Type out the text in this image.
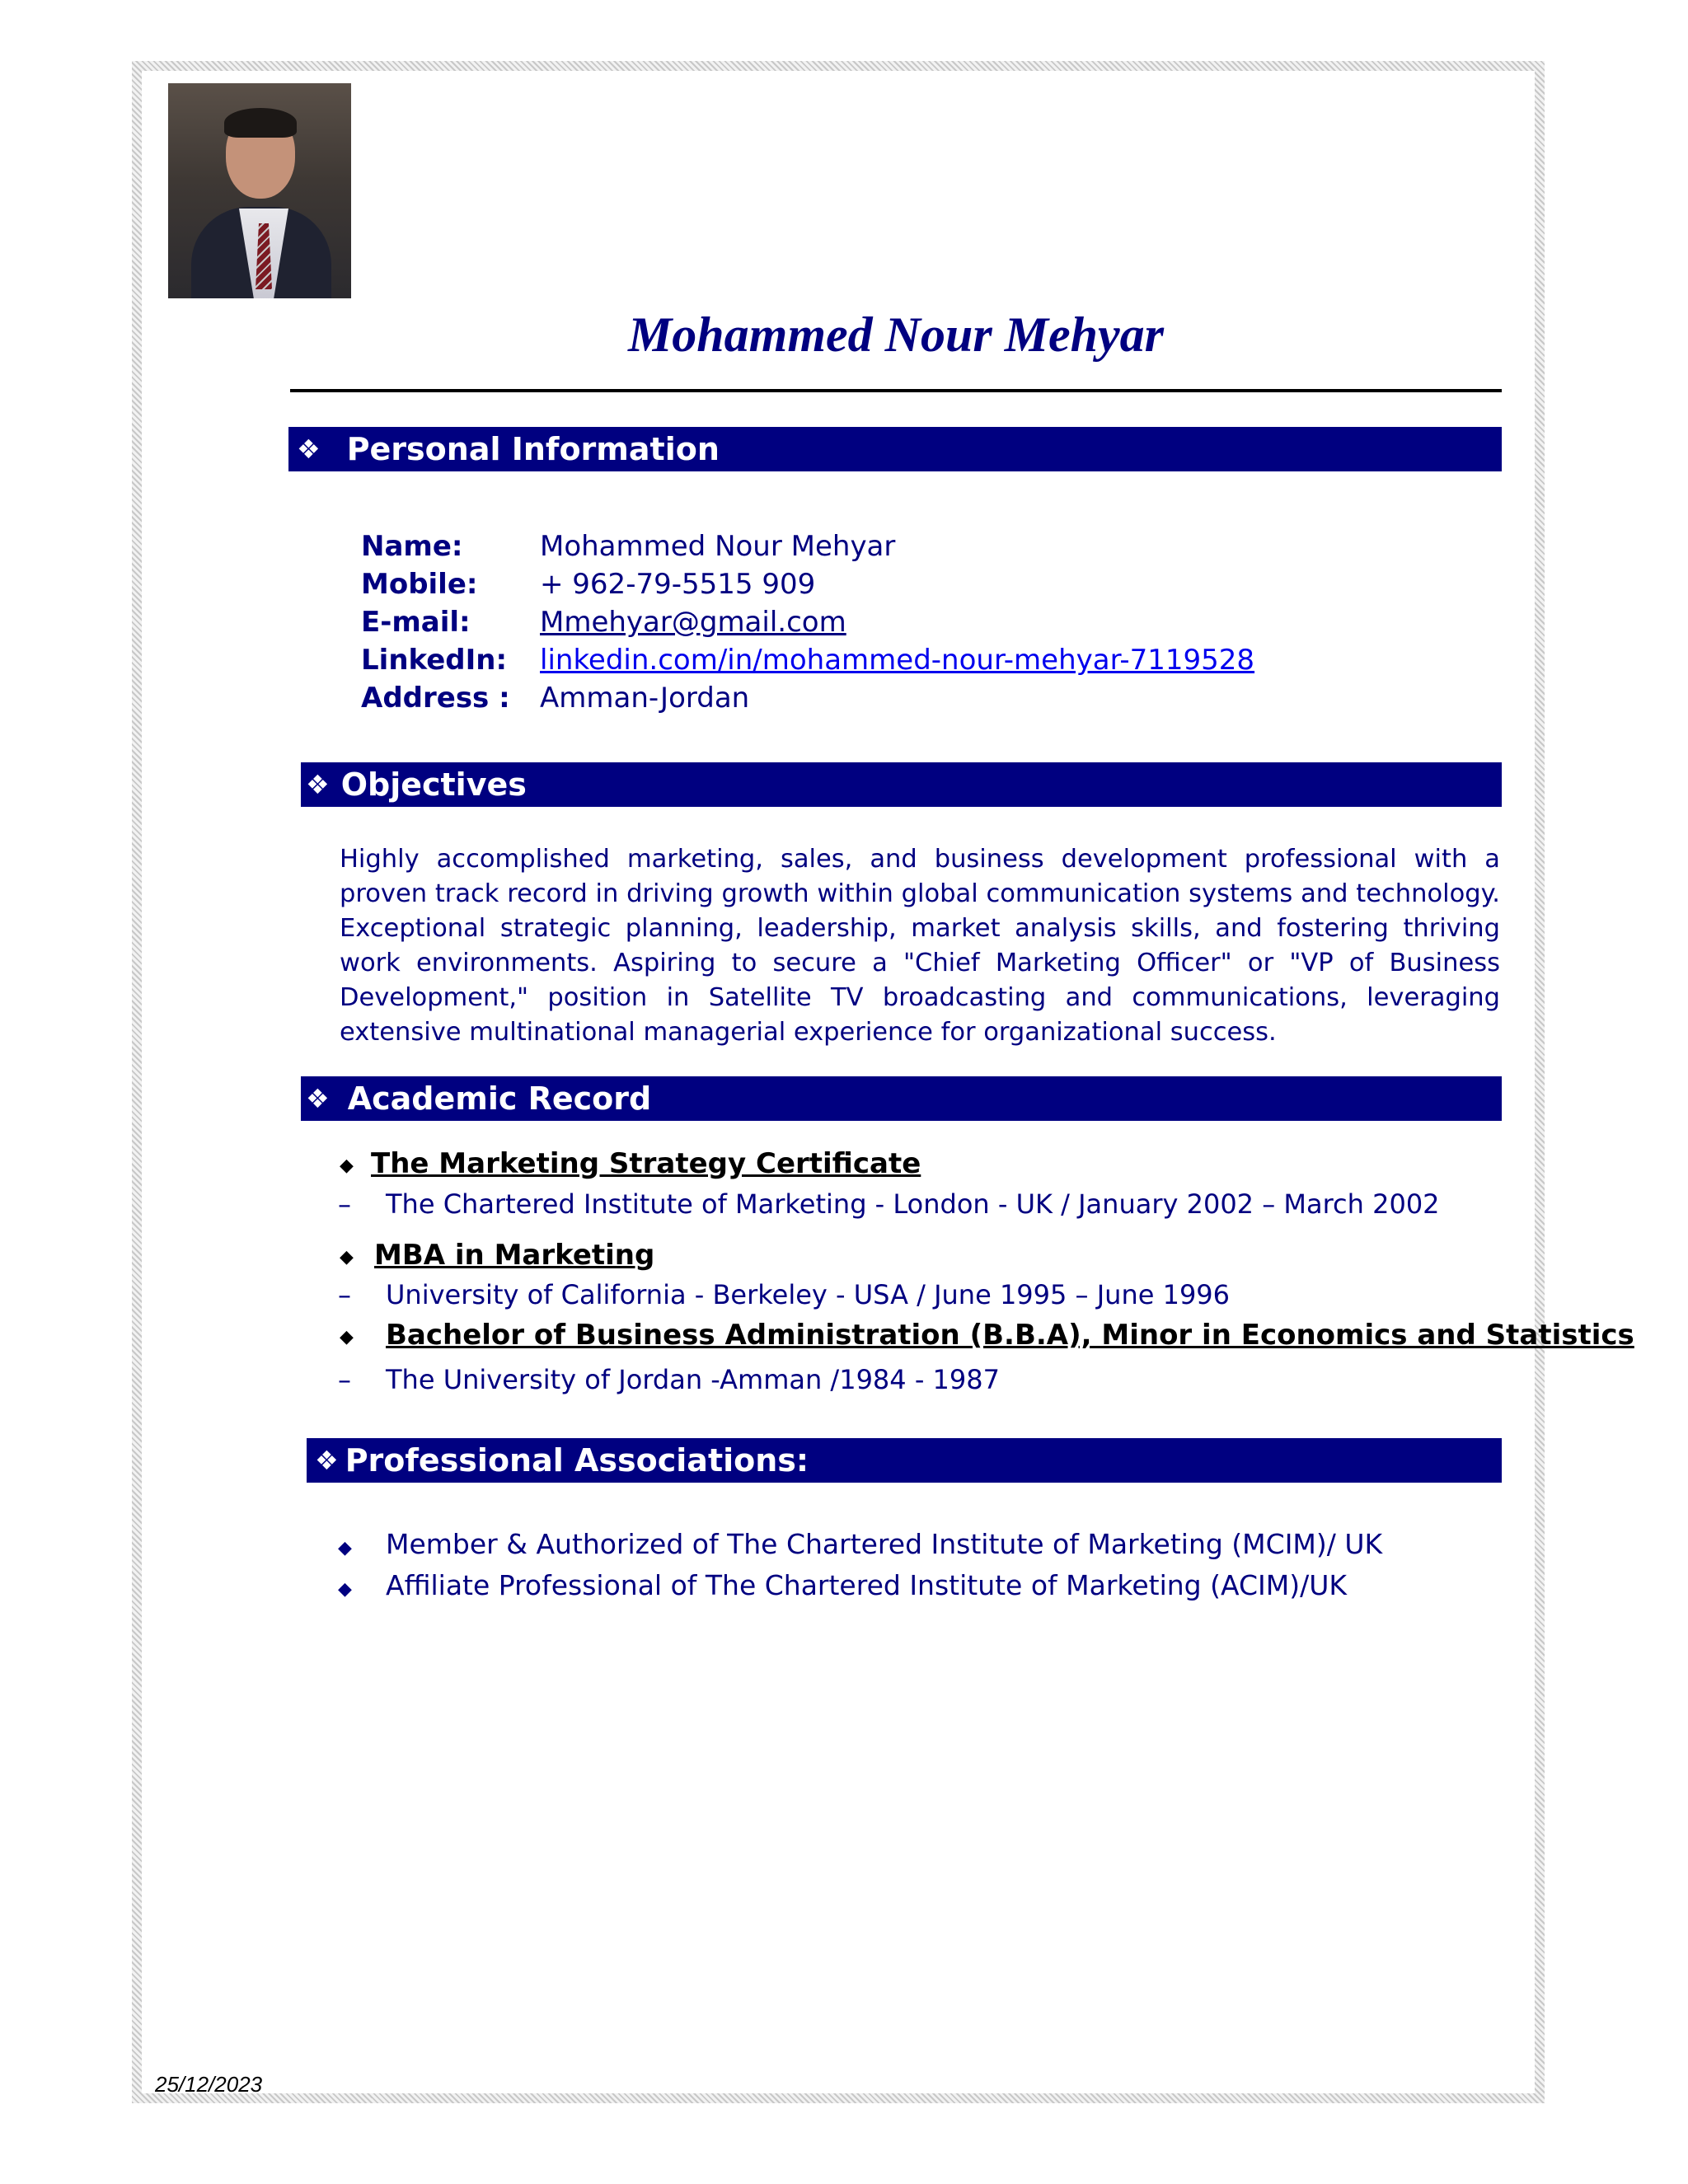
Mohammed Nour Mehyar
❖ Personal Information
Name:	Mohammed Nour Mehyar
Mobile:	+ 962-79-5515 909
E-mail:	Mmehyar@gmail.com
LinkedIn:	linkedin.com/in/mohammed-nour-mehyar-7119528
Address :	Amman-Jordan
❖ Objectives

Highly accomplished marketing, sales, and business development professional with a proven track record in driving growth within global communication systems and technology. Exceptional strategic planning, leadership, market analysis skills, and fostering thriving work environments. Aspiring to secure a "Chief Marketing Officer" or "VP of Business Development," position in Satellite TV broadcasting and communications, leveraging extensive multinational managerial experience for organizational success.

❖ Academic Record
◆ The Marketing Strategy Certificate
– The Chartered Institute of Marketing - London - UK / January 2002 – March 2002
◆ MBA in Marketing
– University of California - Berkeley - USA / June 1995 – June 1996
◆ Bachelor of Business Administration (B.B.A), Minor in Economics and Statistics
– The University of Jordan -Amman /1984 - 1987
❖ Professional Associations:
◆ Member & Authorized of The Chartered Institute of Marketing (MCIM)/ UK
◆ Affiliate Professional of The Chartered Institute of Marketing (ACIM)/UK
25/12/2023
